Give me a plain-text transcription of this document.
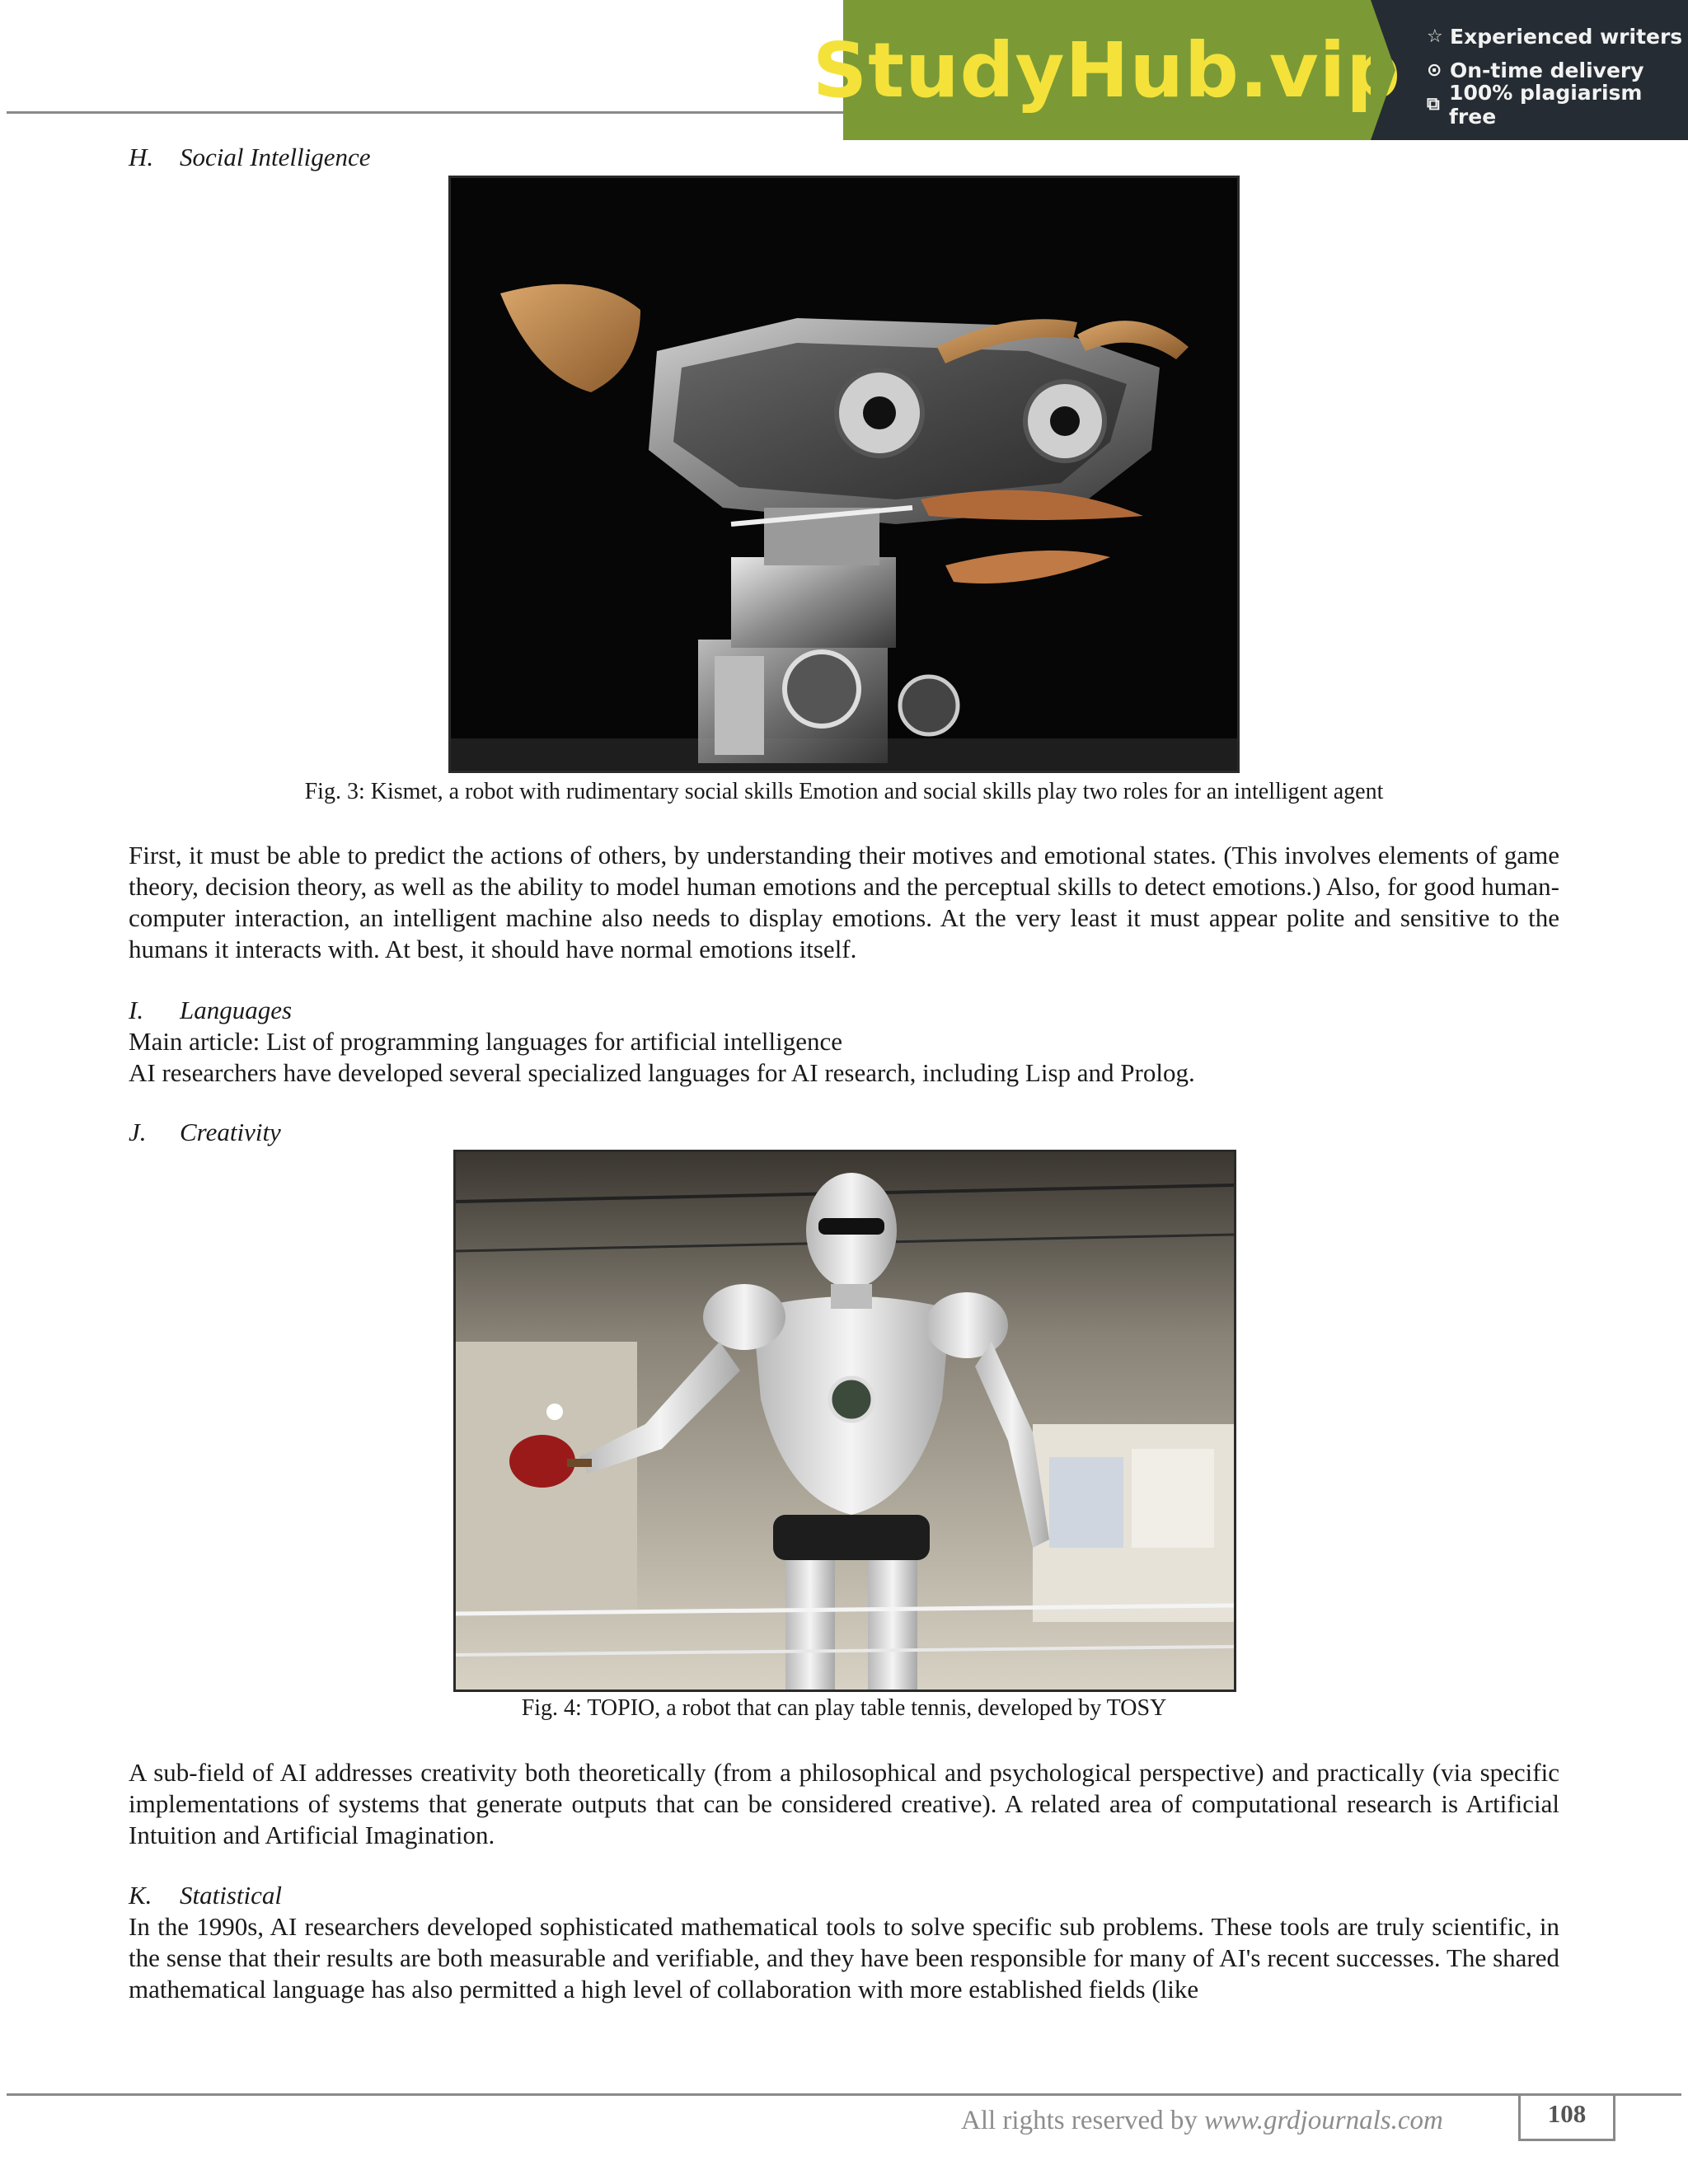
StudyHub.vip ☆ Experienced writers
⊙ On-time delivery
⧉ 100% plagiarism free
H. Social Intelligence
Fig. 3: Kismet, a robot with rudimentary social skills Emotion and social skills play two roles for an intelligent agent
First, it must be able to predict the actions of others, by understanding their motives and emotional states. (This involves elements of game theory, decision theory, as well as the ability to model human emotions and the perceptual skills to detect emotions.) Also, for good human-computer interaction, an intelligent machine also needs to display emotions. At the very least it must appear polite and sensitive to the humans it interacts with. At best, it should have normal emotions itself.
I. Languages
Main article: List of programming languages for artificial intelligence
AI researchers have developed several specialized languages for AI research, including Lisp and Prolog.
J. Creativity
Fig. 4: TOPIO, a robot that can play table tennis, developed by TOSY
A sub-field of AI addresses creativity both theoretically (from a philosophical and psychological perspective) and practically (via specific implementations of systems that generate outputs that can be considered creative). A related area of computational research is Artificial Intuition and Artificial Imagination.
K. Statistical
In the 1990s, AI researchers developed sophisticated mathematical tools to solve specific sub problems. These tools are truly scientific, in the sense that their results are both measurable and verifiable, and they have been responsible for many of AI's recent successes. The shared mathematical language has also permitted a high level of collaboration with more established fields (like
All rights reserved by www.grdjournals.com	108
